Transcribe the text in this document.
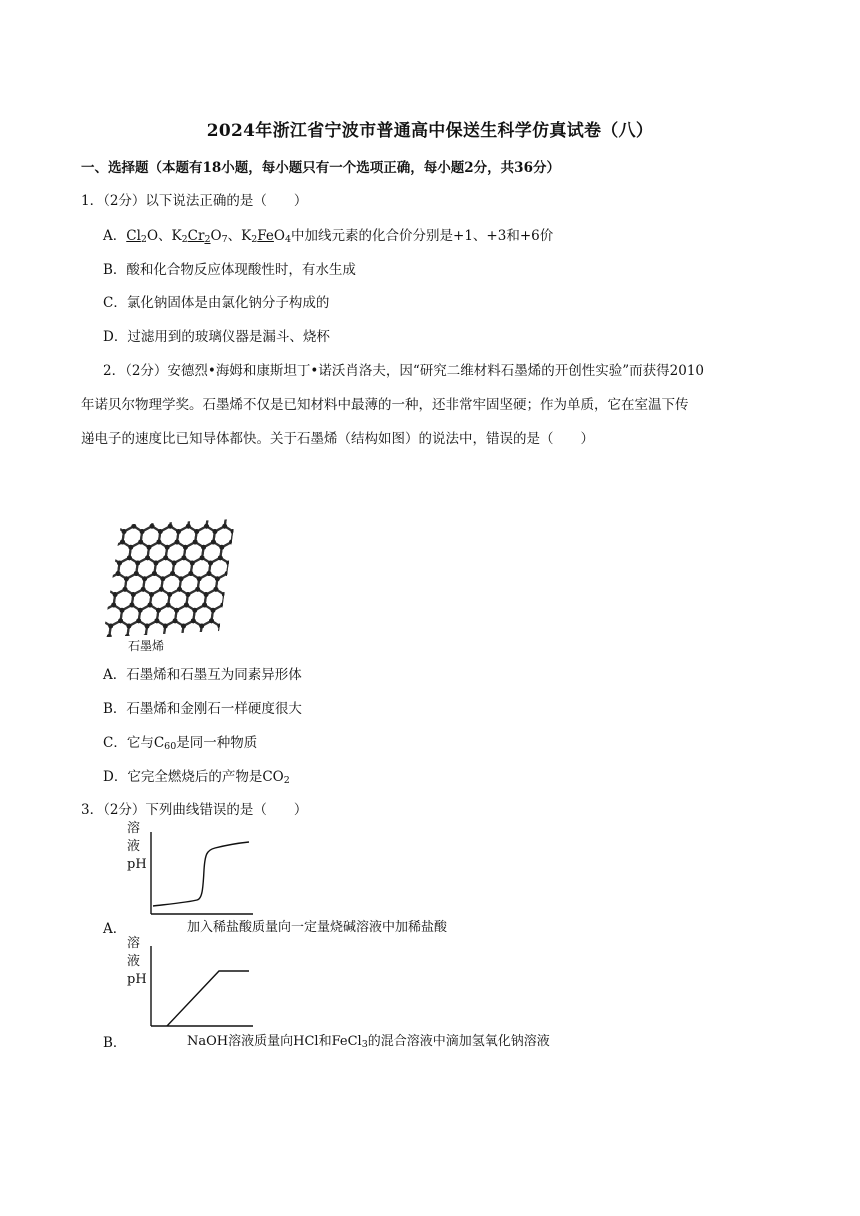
2024年浙江省宁波市普通高中保送生科学仿真试卷（八）
一、选择题（本题有18小题，每小题只有一个选项正确，每小题2分，共36分）
1．（2分）以下说法正确的是（　　）
A．$Cl_2O$、$K_2Cr_2O_7$、$K_2FeO_4$中加线元素的化合价分别是+1、+3和+6价
B．酸和化合物反应体现酸性时，有水生成
C．氯化钠固体是由氯化钠分子构成的
D．过滤用到的玻璃仪器是漏斗、烧杯
2．（2分）安德烈•海姆和康斯坦丁•诺沃肖洛夫，因“研究二维材料石墨烯的开创性实验”而获得2010
年诺贝尔物理学奖。石墨烯不仅是已知材料中最薄的一种，还非常牢固坚硬；作为单质，它在室温下传
递电子的速度比已知导体都快。关于石墨烯（结构如图）的说法中，错误的是（　　）
石墨烯
A．石墨烯和石墨互为同素异形体
B．石墨烯和金刚石一样硬度很大
C．它与$C_{60}$是同一种物质
D．它完全燃烧后的产物是$CO_2$
3．（2分）下列曲线错误的是（　　）
溶
液
pH
A．	加入稀盐酸质量向一定量烧碱溶液中加稀盐酸
溶
液
pH
B．	NaOH溶液质量向HCl和FeCl$_3$的混合溶液中滴加氢氧化钠溶液
